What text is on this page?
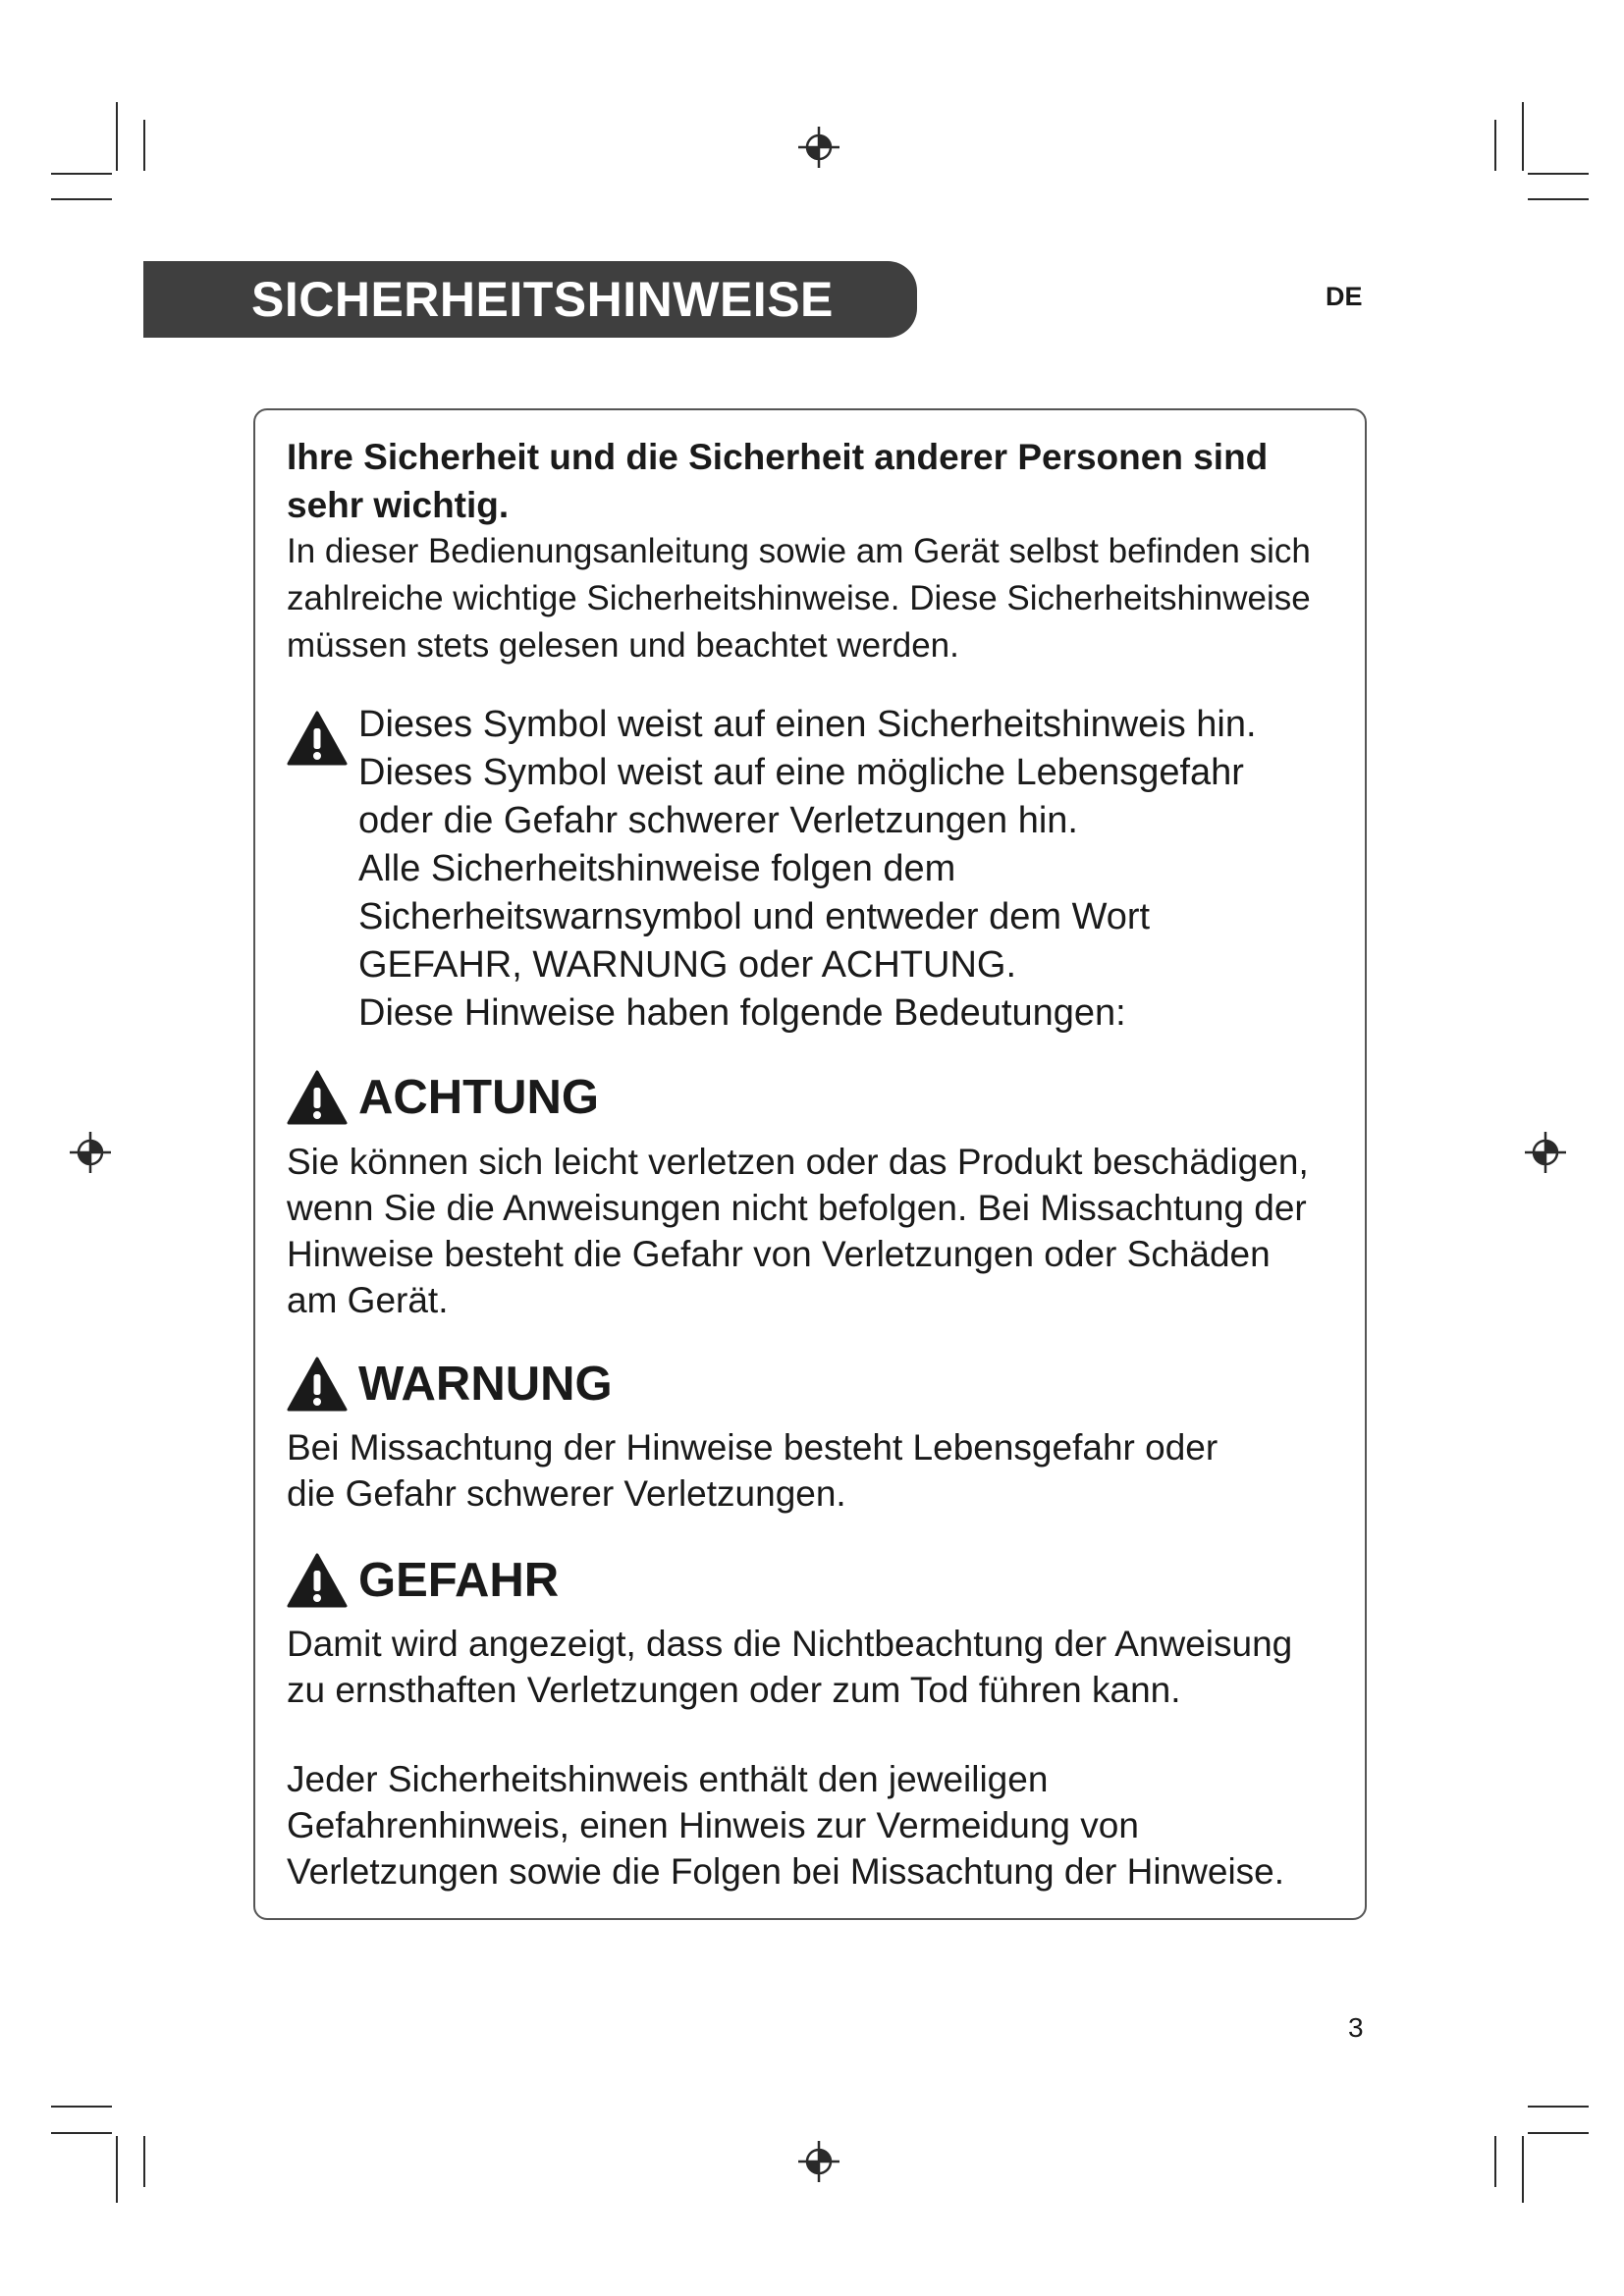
SICHERHEITSHINWEISE	DE
Ihre Sicherheit und die Sicherheit anderer Personen sind
sehr wichtig.
In dieser Bedienungsanleitung sowie am Gerät selbst befinden sich
zahlreiche wichtige Sicherheitshinweise. Diese Sicherheitshinweise
müssen stets gelesen und beachtet werden.
Dieses Symbol weist auf einen Sicherheitshinweis hin.
Dieses Symbol weist auf eine mögliche Lebensgefahr
oder die Gefahr schwerer Verletzungen hin.
Alle Sicherheitshinweise folgen dem
Sicherheitswarnsymbol und entweder dem Wort
GEFAHR, WARNUNG oder ACHTUNG.
Diese Hinweise haben folgende Bedeutungen:
ACHTUNG
Sie können sich leicht verletzen oder das Produkt beschädigen,
wenn Sie die Anweisungen nicht befolgen. Bei Missachtung der
Hinweise besteht die Gefahr von Verletzungen oder Schäden
am Gerät.
WARNUNG
Bei Missachtung der Hinweise besteht Lebensgefahr oder
die Gefahr schwerer Verletzungen.
GEFAHR
Damit wird angezeigt, dass die Nichtbeachtung der Anweisung
zu ernsthaften Verletzungen oder zum Tod führen kann.
Jeder Sicherheitshinweis enthält den jeweiligen
Gefahrenhinweis, einen Hinweis zur Vermeidung von
Verletzungen sowie die Folgen bei Missachtung der Hinweise.
3
